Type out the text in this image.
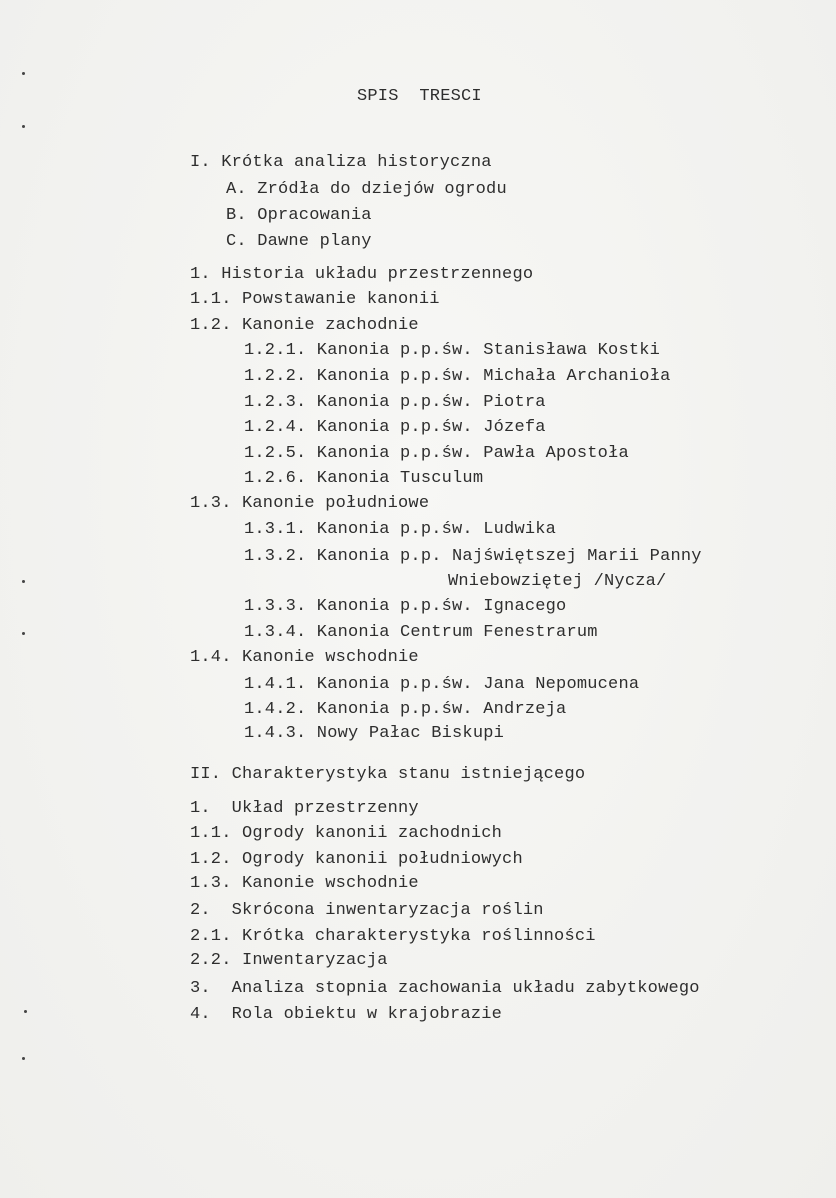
SPIS  TRESCI
I. Krótka analiza historyczna
A. Zródła do dziejów ogrodu
B. Opracowania
C. Dawne plany
1. Historia układu przestrzennego
1.1. Powstawanie kanonii
1.2. Kanonie zachodnie
1.2.1. Kanonia p.p.św. Stanisława Kostki
1.2.2. Kanonia p.p.św. Michała Archanioła
1.2.3. Kanonia p.p.św. Piotra
1.2.4. Kanonia p.p.św. Józefa
1.2.5. Kanonia p.p.św. Pawła Apostoła
1.2.6. Kanonia Tusculum
1.3. Kanonie południowe
1.3.1. Kanonia p.p.św. Ludwika
1.3.2. Kanonia p.p. Najświętszej Marii Panny
Wniebowziętej /Nycza/
1.3.3. Kanonia p.p.św. Ignacego
1.3.4. Kanonia Centrum Fenestrarum
1.4. Kanonie wschodnie
1.4.1. Kanonia p.p.św. Jana Nepomucena
1.4.2. Kanonia p.p.św. Andrzeja
1.4.3. Nowy Pałac Biskupi
II. Charakterystyka stanu istniejącego
1.  Układ przestrzenny
1.1. Ogrody kanonii zachodnich
1.2. Ogrody kanonii południowych
1.3. Kanonie wschodnie
2.  Skrócona inwentaryzacja roślin
2.1. Krótka charakterystyka roślinności
2.2. Inwentaryzacja
3.  Analiza stopnia zachowania układu zabytkowego
4.  Rola obiektu w krajobrazie
